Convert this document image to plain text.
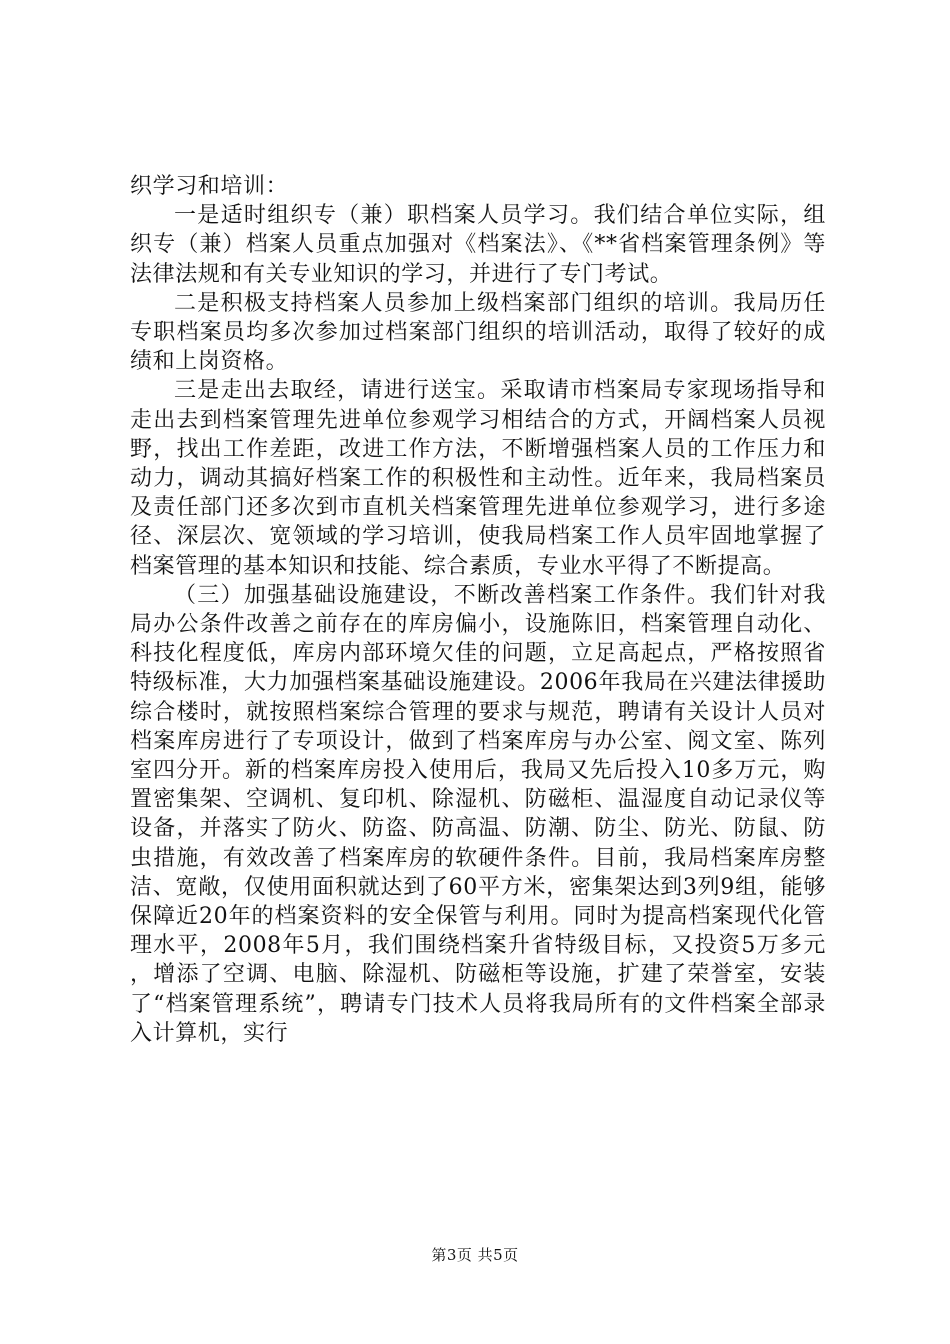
织学习和培训：

一是适时组织专（兼）职档案人员学习。我们结合单位实际，组织专（兼）档案人员重点加强对《档案法》、《**省档案管理条例》等法律法规和有关专业知识的学习，并进行了专门考试。

二是积极支持档案人员参加上级档案部门组织的培训。我局历任专职档案员均多次参加过档案部门组织的培训活动，取得了较好的成绩和上岗资格。

三是走出去取经，请进行送宝。采取请市档案局专家现场指导和走出去到档案管理先进单位参观学习相结合的方式，开阔档案人员视野，找出工作差距，改进工作方法，不断增强档案人员的工作压力和动力，调动其搞好档案工作的积极性和主动性。近年来，我局档案员及责任部门还多次到市直机关档案管理先进单位参观学习，进行多途径、深层次、宽领域的学习培训，使我局档案工作人员牢固地掌握了档案管理的基本知识和技能、综合素质，专业水平得了不断提高。

（三）加强基础设施建设，不断改善档案工作条件。我们针对我局办公条件改善之前存在的库房偏小，设施陈旧，档案管理自动化、科技化程度低，库房内部环境欠佳的问题，立足高起点，严格按照省特级标准，大力加强档案基础设施建设。2006年我局在兴建法律援助综合楼时，就按照档案综合管理的要求与规范，聘请有关设计人员对档案库房进行了专项设计，做到了档案库房与办公室、阅文室、陈列室四分开。新的档案库房投入使用后，我局又先后投入10多万元，购置密集架、空调机、复印机、除湿机、防磁柜、温湿度自动记录仪等设备，并落实了防火、防盗、防高温、防潮、防尘、防光、防鼠、防虫措施，有效改善了档案库房的软硬件条件。目前，我局档案库房整洁、宽敞，仅使用面积就达到了60平方米，密集架达到3列9组，能够保障近20年的档案资料的安全保管与利用。同时为提高档案现代化管理水平，2008年5月，我们围绕档案升省特级目标，又投资5万多元，增添了空调、电脑、除湿机、防磁柜等设施，扩建了荣誉室，安装了“档案管理系统”，聘请专门技术人员将我局所有的文件档案全部录入计算机，实行

第3页 共5页
